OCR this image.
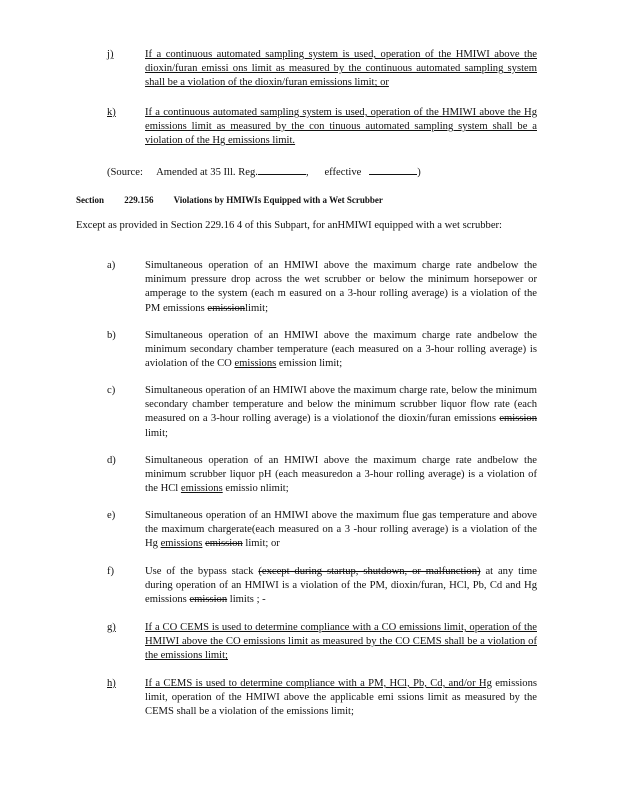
j)	If a continuous automated sampling system is used, operation of the HMIWI above the dioxin/furan emissi ons limit as measured by the continuous automated sampling system shall be a violation of the dioxin/furan emissions limit; or
k)	If a continuous automated sampling system is used, operation of the HMIWI above the Hg emissions limit as measured by the con tinuous automated sampling system shall be a violation of the Hg emissions limit.
(Source: Amended at 35 Ill. Reg.	,      effective	)
Section 229.156 Violations by HMIWIs Equipped with a Wet Scrubber
Except as provided in Section 229.16 4 of this Subpart, for anHMIWI equipped with a wet scrubber:
a)	Simultaneous operation of an HMIWI above the maximum charge rate andbelow the minimum pressure drop across the wet scrubber or below the minimum horsepower or amperage to the system (each m easured on a 3-hour rolling average) is a violation of the PM emissions emissionlimit;
b)	Simultaneous operation of an HMIWI above the maximum charge rate andbelow the minimum secondary chamber temperature (each measured on a 3-hour rolling average) is aviolation of the CO emissions emission limit;
c)	Simultaneous operation of an HMIWI above the maximum charge rate, below the minimum secondary chamber temperature and below the minimum scrubber liquor flow rate (each measured on a 3-hour rolling average) is a violationof the dioxin/furan emissions emission limit;
d)	Simultaneous operation of an HMIWI above the maximum charge rate andbelow the minimum scrubber liquor pH (each measuredon a 3-hour rolling average) is a violation of the HCl emissions emissio nlimit;
e)	Simultaneous operation of an HMIWI above the maximum flue gas temperature and above the maximum chargerate(each measured on a 3 -hour rolling average) is a violation of the Hg emissions emission limit; or
f)	Use of the bypass stack (except during startup, shutdown, or malfunction) at any time during operation of an HMIWI is a violation of the PM, dioxin/furan, HCl, Pb, Cd and Hg emissions emission limits ; -
g)	If a CO CEMS is used to determine compliance with a CO emissions limit, operation of the HMIWI above the CO emissions limit as measured by the CO CEMS shall be a violation of the emissions limit;
h)	If a CEMS is used to determine compliance with a PM, HCl, Pb, Cd, and/or Hg emissions limit, operation of the HMIWI above the applicable emi ssions limit as measured by the CEMS shall be a violation of the emissions limit;
